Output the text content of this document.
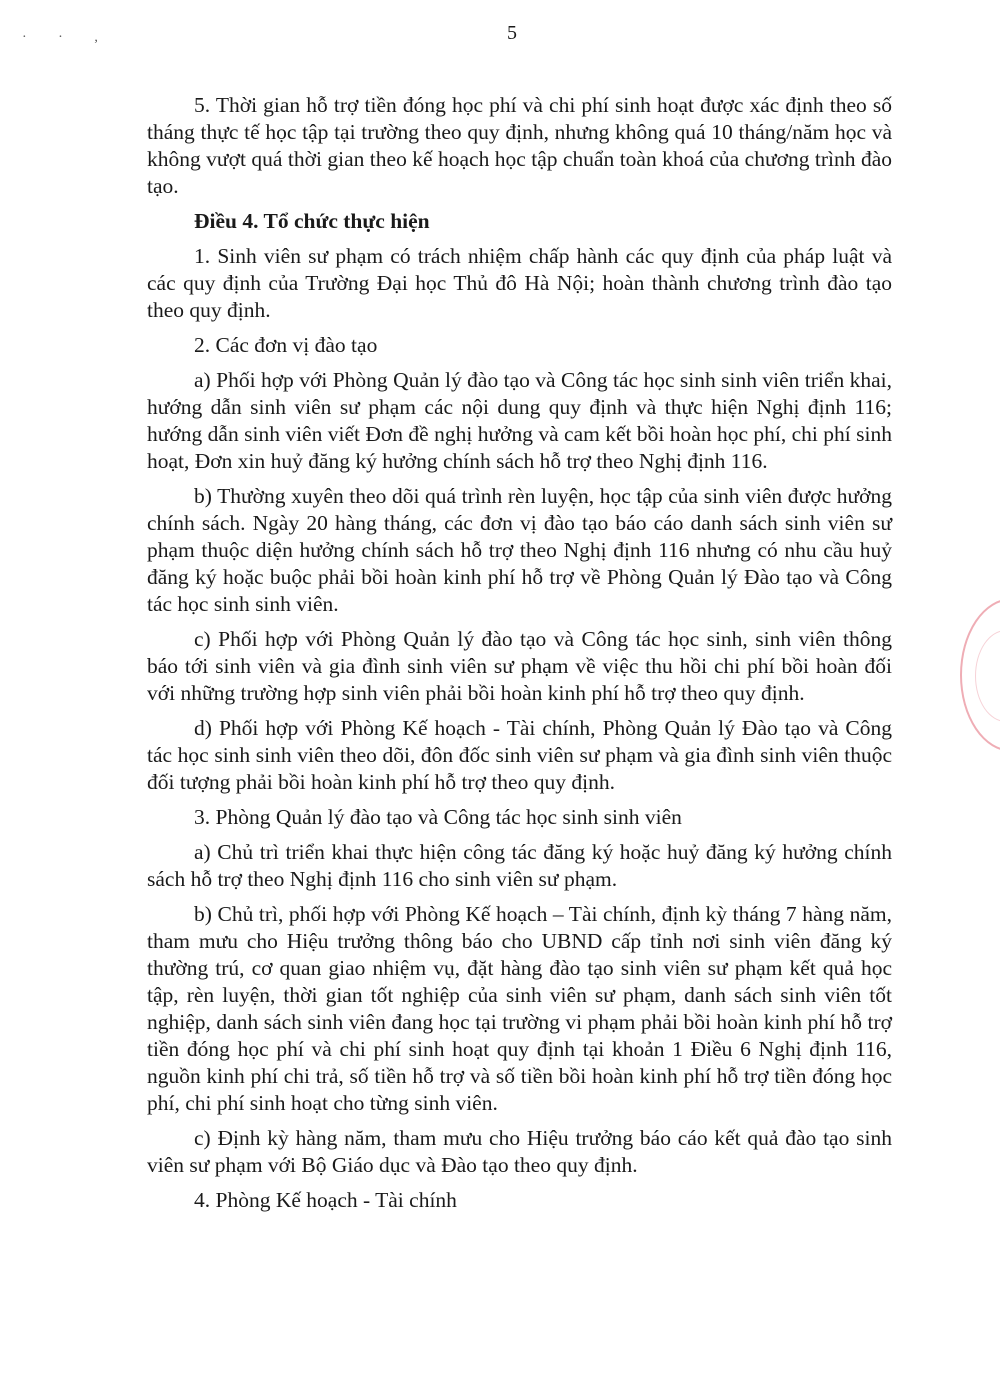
· · ,	5

5. Thời gian hỗ trợ tiền đóng học phí và chi phí sinh hoạt được xác định theo số tháng thực tế học tập tại trường theo quy định, nhưng không quá 10 tháng/năm học và không vượt quá thời gian theo kế hoạch học tập chuẩn toàn khoá của chương trình đào tạo.

Điều 4. Tổ chức thực hiện

1. Sinh viên sư phạm có trách nhiệm chấp hành các quy định của pháp luật và các quy định của Trường Đại học Thủ đô Hà Nội; hoàn thành chương trình đào tạo theo quy định.

2. Các đơn vị đào tạo

a) Phối hợp với Phòng Quản lý đào tạo và Công tác học sinh sinh viên triển khai, hướng dẫn sinh viên sư phạm các nội dung quy định và thực hiện Nghị định 116; hướng dẫn sinh viên viết Đơn đề nghị hưởng và cam kết bồi hoàn học phí, chi phí sinh hoạt, Đơn xin huỷ đăng ký hưởng chính sách hỗ trợ theo Nghị định 116.

b) Thường xuyên theo dõi quá trình rèn luyện, học tập của sinh viên được hưởng chính sách. Ngày 20 hàng tháng, các đơn vị đào tạo báo cáo danh sách sinh viên sư phạm thuộc diện hưởng chính sách hỗ trợ theo Nghị định 116 nhưng có nhu cầu huỷ đăng ký hoặc buộc phải bồi hoàn kinh phí hỗ trợ về Phòng Quản lý Đào tạo và Công tác học sinh sinh viên.

c) Phối hợp với Phòng Quản lý đào tạo và Công tác học sinh, sinh viên thông báo tới sinh viên và gia đình sinh viên sư phạm về việc thu hồi chi phí bồi hoàn đối với những trường hợp sinh viên phải bồi hoàn kinh phí hỗ trợ theo quy định.

d) Phối hợp với Phòng Kế hoạch - Tài chính, Phòng Quản lý Đào tạo và Công tác học sinh sinh viên theo dõi, đôn đốc sinh viên sư phạm và gia đình sinh viên thuộc đối tượng phải bồi hoàn kinh phí hỗ trợ theo quy định.

3. Phòng Quản lý đào tạo và Công tác học sinh sinh viên

a) Chủ trì triển khai thực hiện công tác đăng ký hoặc huỷ đăng ký hưởng chính sách hỗ trợ theo Nghị định 116 cho sinh viên sư phạm.

b) Chủ trì, phối hợp với Phòng Kế hoạch – Tài chính, định kỳ tháng 7 hàng năm, tham mưu cho Hiệu trưởng thông báo cho UBND cấp tỉnh nơi sinh viên đăng ký thường trú, cơ quan giao nhiệm vụ, đặt hàng đào tạo sinh viên sư phạm kết quả học tập, rèn luyện, thời gian tốt nghiệp của sinh viên sư phạm, danh sách sinh viên tốt nghiệp, danh sách sinh viên đang học tại trường vi phạm phải bồi hoàn kinh phí hỗ trợ tiền đóng học phí và chi phí sinh hoạt quy định tại khoản 1 Điều 6 Nghị định 116, nguồn kinh phí chi trả, số tiền hỗ trợ và số tiền bồi hoàn kinh phí hỗ trợ tiền đóng học phí, chi phí sinh hoạt cho từng sinh viên.

c) Định kỳ hàng năm, tham mưu cho Hiệu trưởng báo cáo kết quả đào tạo sinh viên sư phạm với Bộ Giáo dục và Đào tạo theo quy định.

4. Phòng Kế hoạch - Tài chính
